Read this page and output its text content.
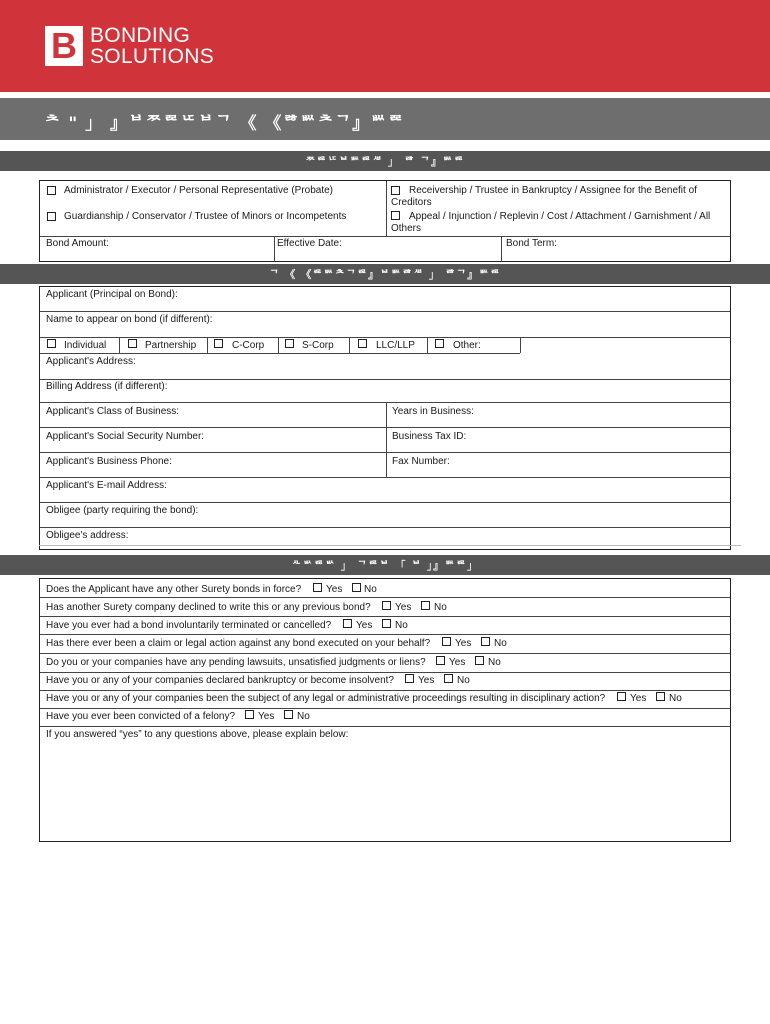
B BONDING
SOLUTIONS
ᄎ " 」 』ᄇᄍᄙᄕᄇᄀ 《 《ᄚᄥᄎᄀ』ᄥᄙ
ᄍᄙᄕᄇᄥᄙᄲ 」 ᄚ ᄀ』ᄥᄙ
Administrator / Executor / Personal Representative (Probate)	Receivership / Trustee in Bankruptcy / Assignee for the Benefit of Creditors
Guardianship / Conservator / Trustee of Minors or Incompetents	Appeal / Injunction / Replevin / Cost / Attachment / Garnishment / All Others
Bond Amount:	Effective Date:	Bond Term:
ᄀ 《 《ᄙᄥᄎᄀᄙ』ᄇᄥᄚᄲ 」 ᄚᄀ』ᄥᄙ
Applicant (Principal on Bond):
Name to appear on bond (if different):
Individual	Partnership	C-Corp	S-Corp	LLC/LLP	Other:
Applicant's Address:
Billing Address (if different):
Applicant's Class of Business:	Years in Business:
Applicant's Social Security Number:	Business Tax ID:
Applicant's Business Phone:	Fax Number:
Applicant's E-mail Address:
Obligee (party requiring the bond):
Obligee's address:
ᄮᄡᄙᄡ 」 ᄀᄙᄇ 「 ᄇ 」』ᄥᄙ」
Does the Applicant have any other Surety bonds in force? Yes No
Has another Surety company declined to write this or any previous bond? Yes No
Have you ever had a bond involuntarily terminated or cancelled? Yes No
Has there ever been a claim or legal action against any bond executed on your behalf? Yes No
Do you or your companies have any pending lawsuits, unsatisfied judgments or liens? Yes No
Have you or any of your companies declared bankruptcy or become insolvent? Yes No
Have you or any of your companies been the subject of any legal or administrative proceedings resulting in disciplinary action? Yes No
Have you ever been convicted of a felony? Yes No
If you answered “yes” to any questions above, please explain below:
